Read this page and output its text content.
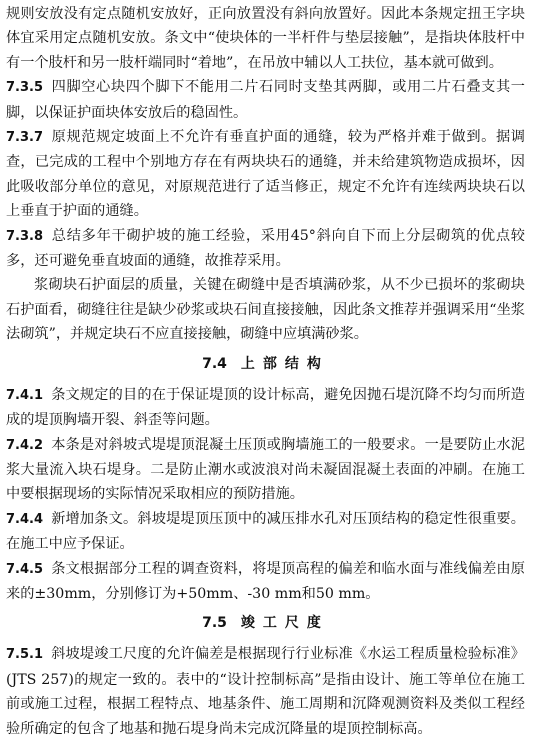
规则安放没有定点随机安放好，正向放置没有斜向放置好。因此本条规定扭王字块体宜采用定点随机安放。条文中“使块体的一半杆件与垫层接触”，是指块体肢杆中有一个肢杆和另一肢杆端同时“着地”，在吊放中辅以人工扶位，基本就可做到。

7.3.5 四脚空心块四个脚下不能用二片石同时支垫其两脚，或用二片石叠支其一脚，以保证护面块体安放后的稳固性。

7.3.7 原规范规定坡面上不允许有垂直护面的通缝，较为严格并难于做到。据调查，已完成的工程中个别地方存在有两块块石的通缝，并未给建筑物造成损坏，因此吸收部分单位的意见，对原规范进行了适当修正，规定不允许有连续两块块石以上垂直于护面的通缝。

7.3.8 总结多年干砌护坡的施工经验，采用45°斜向自下而上分层砌筑的优点较多，还可避免垂直坡面的通缝，故推荐采用。

浆砌块石护面层的质量，关键在砌缝中是否填满砂浆，从不少已损坏的浆砌块石护面看，砌缝往往是缺少砂浆或块石间直接接触，因此条文推荐并强调采用“坐浆法砌筑”，并规定块石不应直接接触，砌缝中应填满砂浆。

7.4 上部结构

7.4.1 条文规定的目的在于保证堤顶的设计标高，避免因抛石堤沉降不均匀而所造成的堤顶胸墙开裂、斜歪等问题。

7.4.2 本条是对斜坡式堤堤顶混凝土压顶或胸墙施工的一般要求。一是要防止水泥浆大量流入块石堤身。二是防止潮水或波浪对尚未凝固混凝土表面的冲刷。在施工中要根据现场的实际情况采取相应的预防措施。

7.4.4 新增加条文。斜坡堤堤顶压顶中的减压排水孔对压顶结构的稳定性很重要。在施工中应予保证。

7.4.5 条文根据部分工程的调查资料，将堤顶高程的偏差和临水面与准线偏差由原来的±30mm，分别修订为+50mm、-30 mm和50 mm。

7.5 竣工尺度

7.5.1 斜坡堤竣工尺度的允许偏差是根据现行行业标准《水运工程质量检验标准》(JTS 257)的规定一致的。表中的“设计控制标高”是指由设计、施工等单位在施工前或施工过程，根据工程特点、地基条件、施工周期和沉降观测资料及类似工程经验所确定的包含了地基和抛石堤身尚未完成沉降量的堤顶控制标高。
